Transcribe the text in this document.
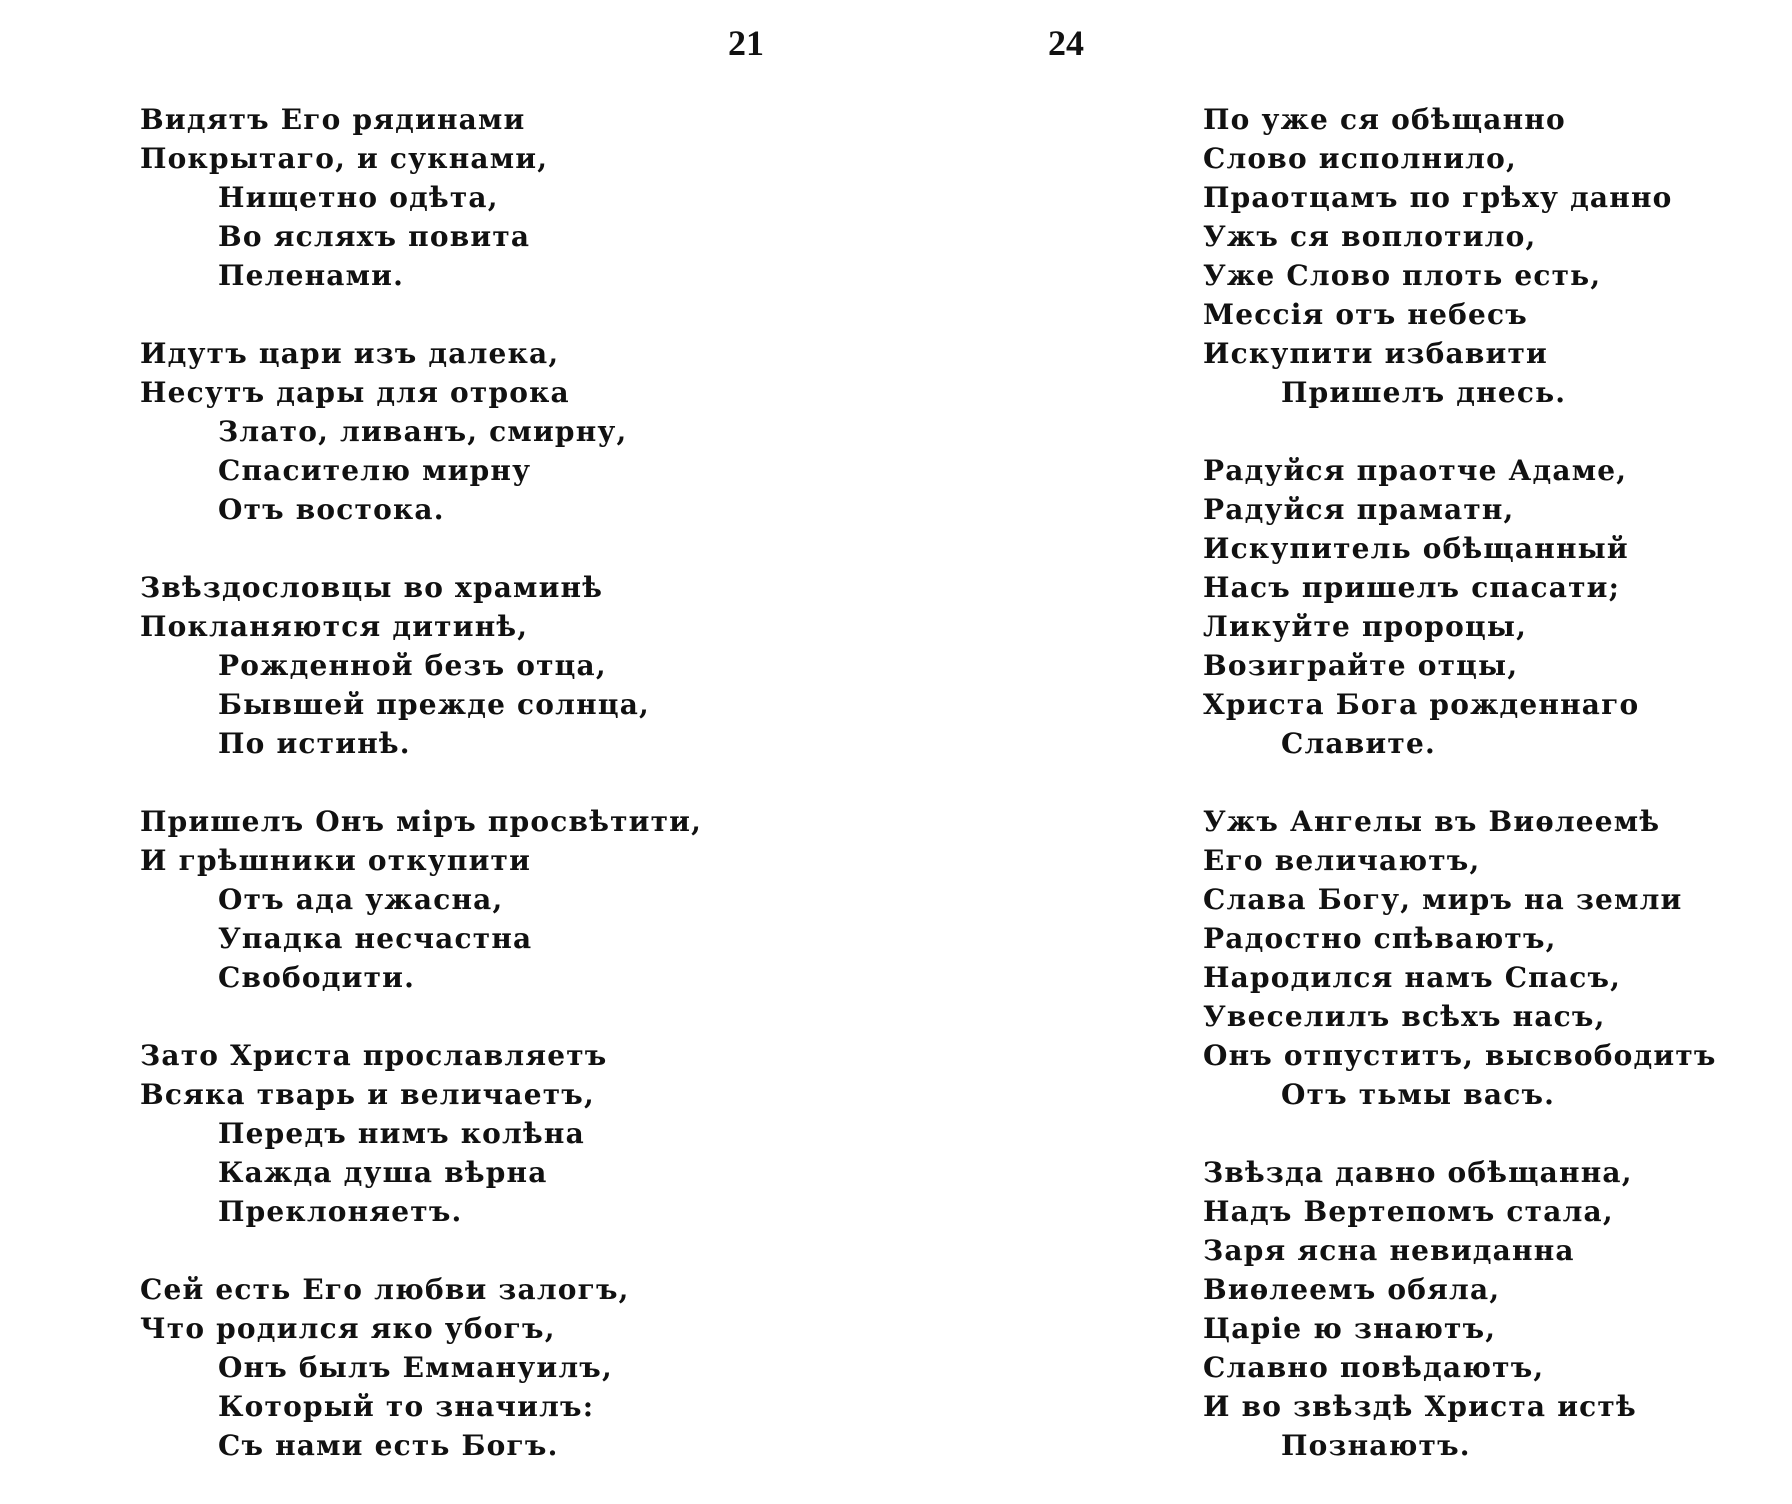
21	24
Видятъ Его рядинами
Покрытаго, и сукнами,
Нищетно одѣта,
Во ясляхъ повита
Пеленами.
Идутъ цари изъ далека,
Несутъ дары для отрока
Злато, ливанъ, смирну,
Спасителю мирну
Отъ востока.
Звѣздословцы во храминѣ
Покланяются дитинѣ,
Рожденной безъ отца,
Бывшей прежде солнца,
По истинѣ.
Пришелъ Онъ міръ просвѣтити,
И грѣшники откупити
Отъ ада ужасна,
Упадка несчастна
Свободити.
Зато Христа прославляетъ
Всяка тварь и величаетъ,
Передъ нимъ колѣна
Кажда душа вѣрна
Преклоняетъ.
Сей есть Его любви залогъ,
Что родился яко убогъ,
Онъ былъ Еммануилъ,
Который то значилъ:
Съ нами есть Богъ.
По уже ся обѣщанно
Слово исполнило,
Праотцамъ по грѣху данно
Ужъ ся воплотило,
Уже Слово плоть есть,
Мессія отъ небесъ
Искупити избавити
Пришелъ днесь.
Радуйся праотче Адаме,
Радуйся праматн,
Искупитель обѣщанный
Насъ пришелъ спасати;
Ликуйте пророцы,
Возиграйте отцы,
Христа Бога рожденнаго
Славите.
Ужъ Ангелы въ Виѳлеемѣ
Его величаютъ,
Слава Богу, миръ на земли
Радостно спѣваютъ,
Народился намъ Спасъ,
Увеселилъ всѣхъ насъ,
Онъ отпуститъ, высвободитъ
Отъ тьмы васъ.
Звѣзда давно обѣщанна,
Надъ Вертепомъ стала,
Заря ясна невиданна
Виѳлеемъ обяла,
Царіе ю знаютъ,
Славно повѣдаютъ,
И во звѣздѣ Христа истѣ
Познаютъ.
